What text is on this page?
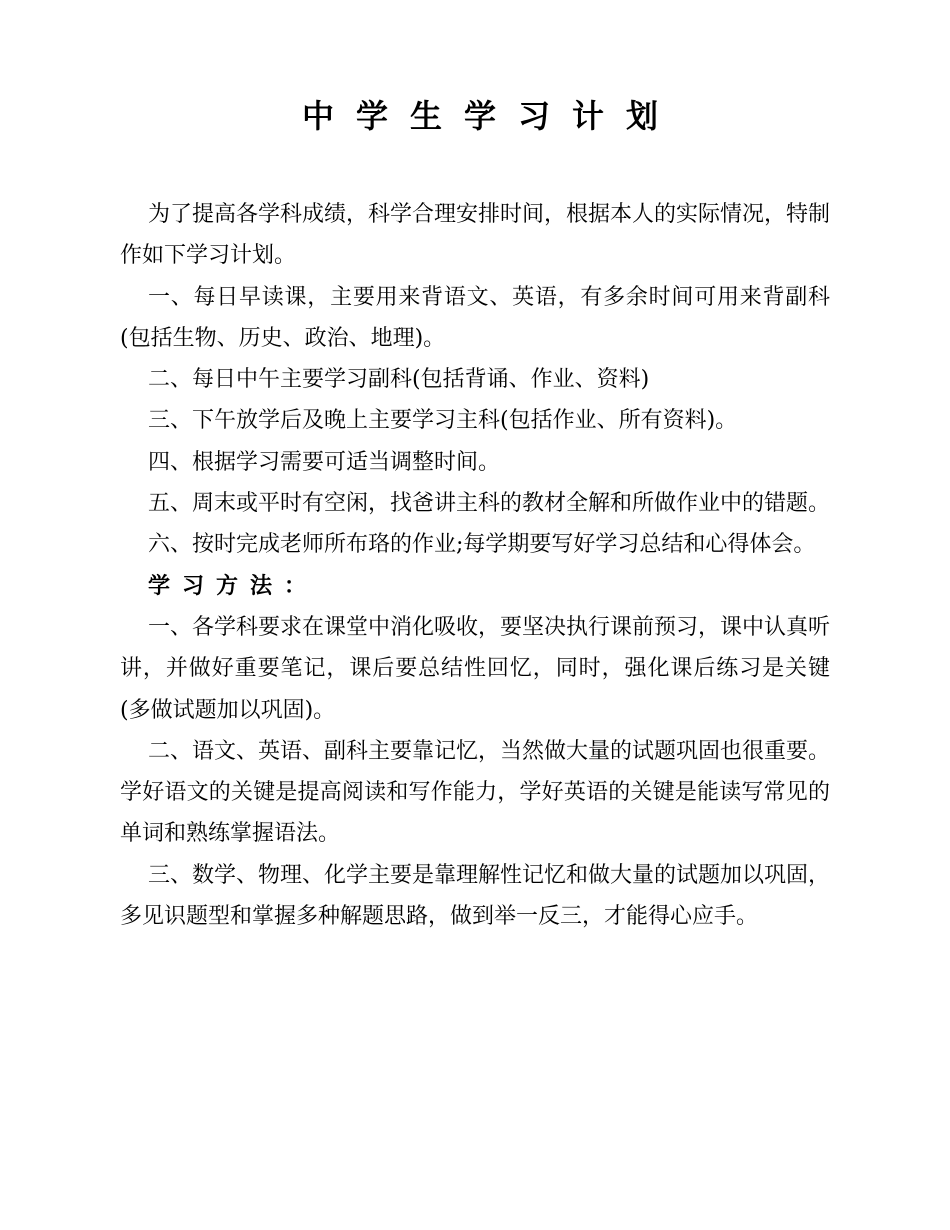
中学生学习计划

为了提高各学科成绩，科学合理安排时间，根据本人的实际情况，特制作如下学习计划。

一、每日早读课，主要用来背语文、英语，有多余时间可用来背副科(包括生物、历史、政治、地理)。

二、每日中午主要学习副科(包括背诵、作业、资料)

三、下午放学后及晚上主要学习主科(包括作业、所有资料)。

四、根据学习需要可适当调整时间。

五、周末或平时有空闲，找爸讲主科的教材全解和所做作业中的错题。

六、按时完成老师所布珞的作业;每学期要写好学习总结和心得体会。

学习方法：

一、各学科要求在课堂中消化吸收，要坚决执行课前预习，课中认真听讲，并做好重要笔记，课后要总结性回忆，同时，强化课后练习是关键(多做试题加以巩固)。

二、语文、英语、副科主要靠记忆，当然做大量的试题巩固也很重要。学好语文的关键是提高阅读和写作能力，学好英语的关键是能读写常见的单词和熟练掌握语法。

三、数学、物理、化学主要是靠理解性记忆和做大量的试题加以巩固，多见识题型和掌握多种解题思路，做到举一反三，才能得心应手。
